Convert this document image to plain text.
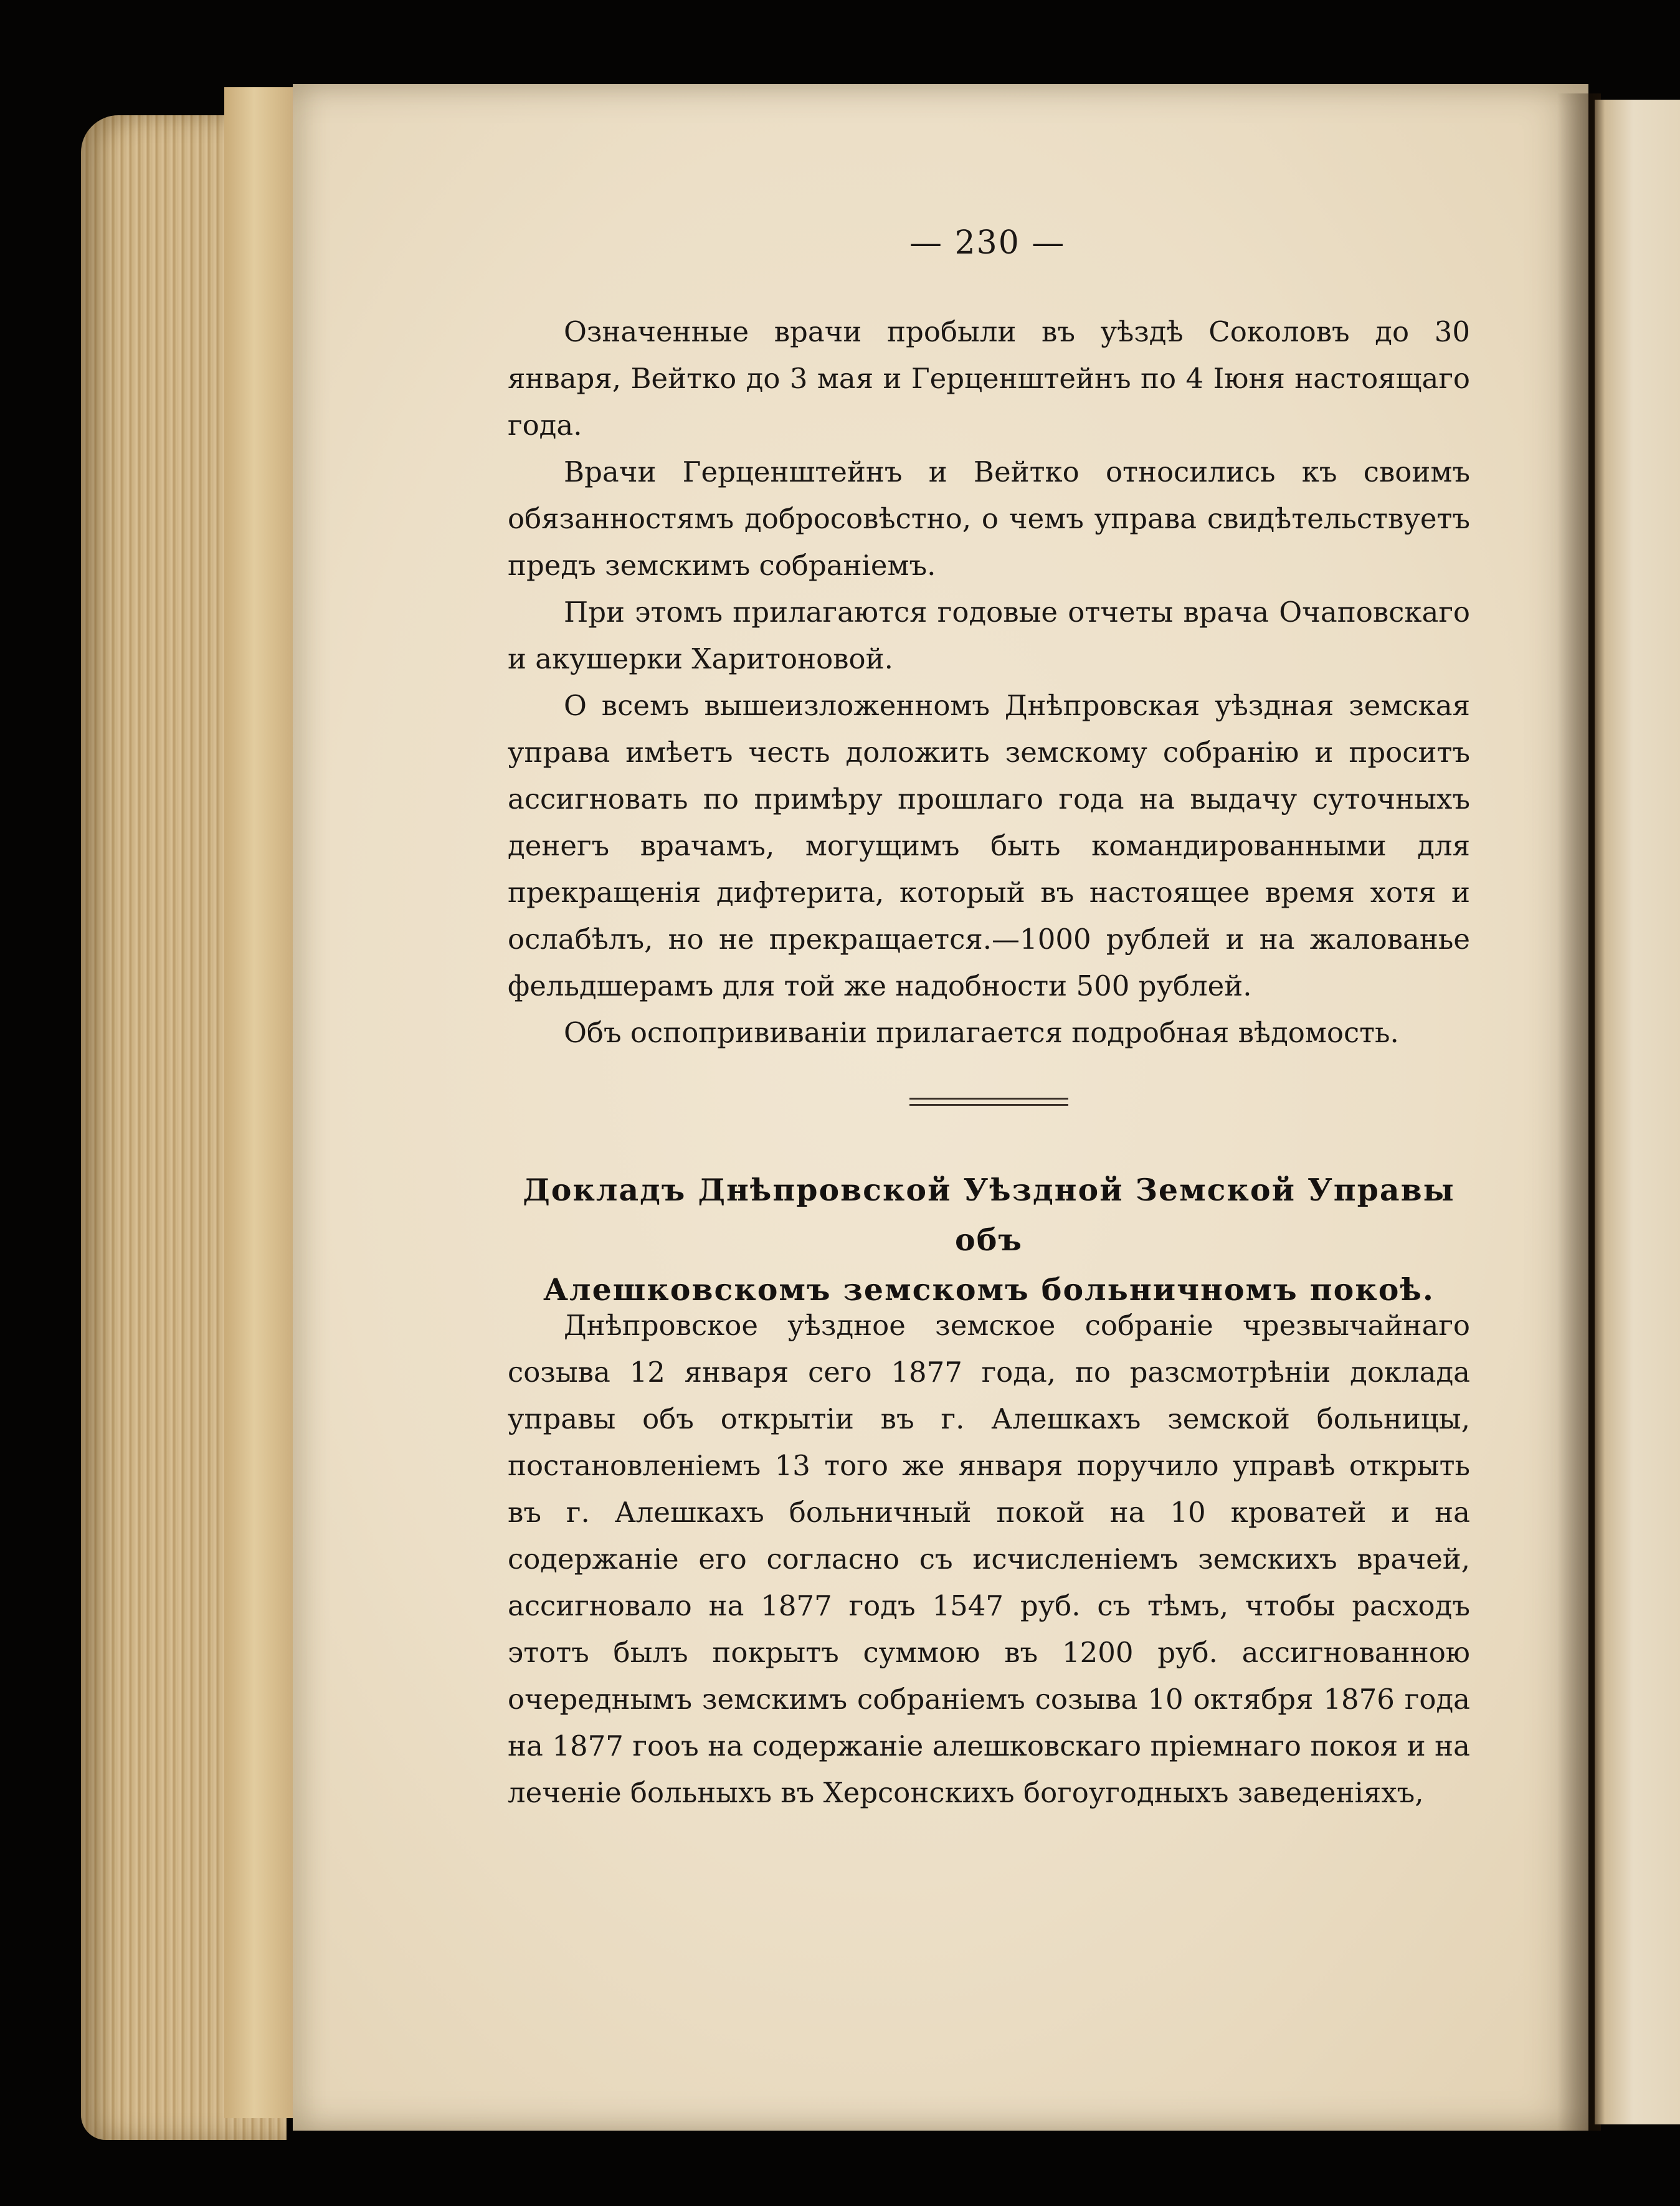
— 230 —

Означенные врачи пробыли въ уѣздѣ Соколовъ до 30 января, Вейтко до 3 мая и Герценштейнъ по 4 Іюня настоящаго года.

Врачи Герценштейнъ и Вейтко относились къ своимъ обязанностямъ добросовѣстно, о чемъ управа свидѣтельствуетъ предъ земскимъ собраніемъ.

При этомъ прилагаются годовые отчеты врача Очаповскаго и акушерки Харитоновой.

О всемъ вышеизложенномъ Днѣпровская уѣздная земская управа имѣетъ честь доложить земскому собранію и проситъ ассигновать по примѣру прошлаго года на выдачу суточныхъ денегъ врачамъ, могущимъ быть командированными для прекращенія дифтерита, который въ настоящее время хотя и ослабѣлъ, но не прекращается.—1000 рублей и на жалованье фельдшерамъ для той же надобности 500 рублей.

Объ оспопрививаніи прилагается подробная вѣдомость.

Докладъ Днѣпровской Уѣздной Земской Управы объ
Алешковскомъ земскомъ больничномъ покоѣ.

Днѣпровское уѣздное земское собраніе чрезвычайнаго созыва 12 января сего 1877 года, по разсмотрѣніи доклада управы объ открытіи въ г. Алешкахъ земской больницы, постановленіемъ 13 того же января поручило управѣ открыть въ г. Алешкахъ больничный покой на 10 кроватей и на содержаніе его согласно съ исчисленіемъ земскихъ врачей, ассигновало на 1877 годъ 1547 руб. съ тѣмъ, чтобы расходъ этотъ былъ покрытъ суммою въ 1200 руб. ассигнованною очереднымъ земскимъ собраніемъ созыва 10 октября 1876 года на 1877 гооъ на содержаніе алешковскаго пріемнаго покоя и на леченіе больныхъ въ Херсонскихъ богоугодныхъ заведеніяхъ,
